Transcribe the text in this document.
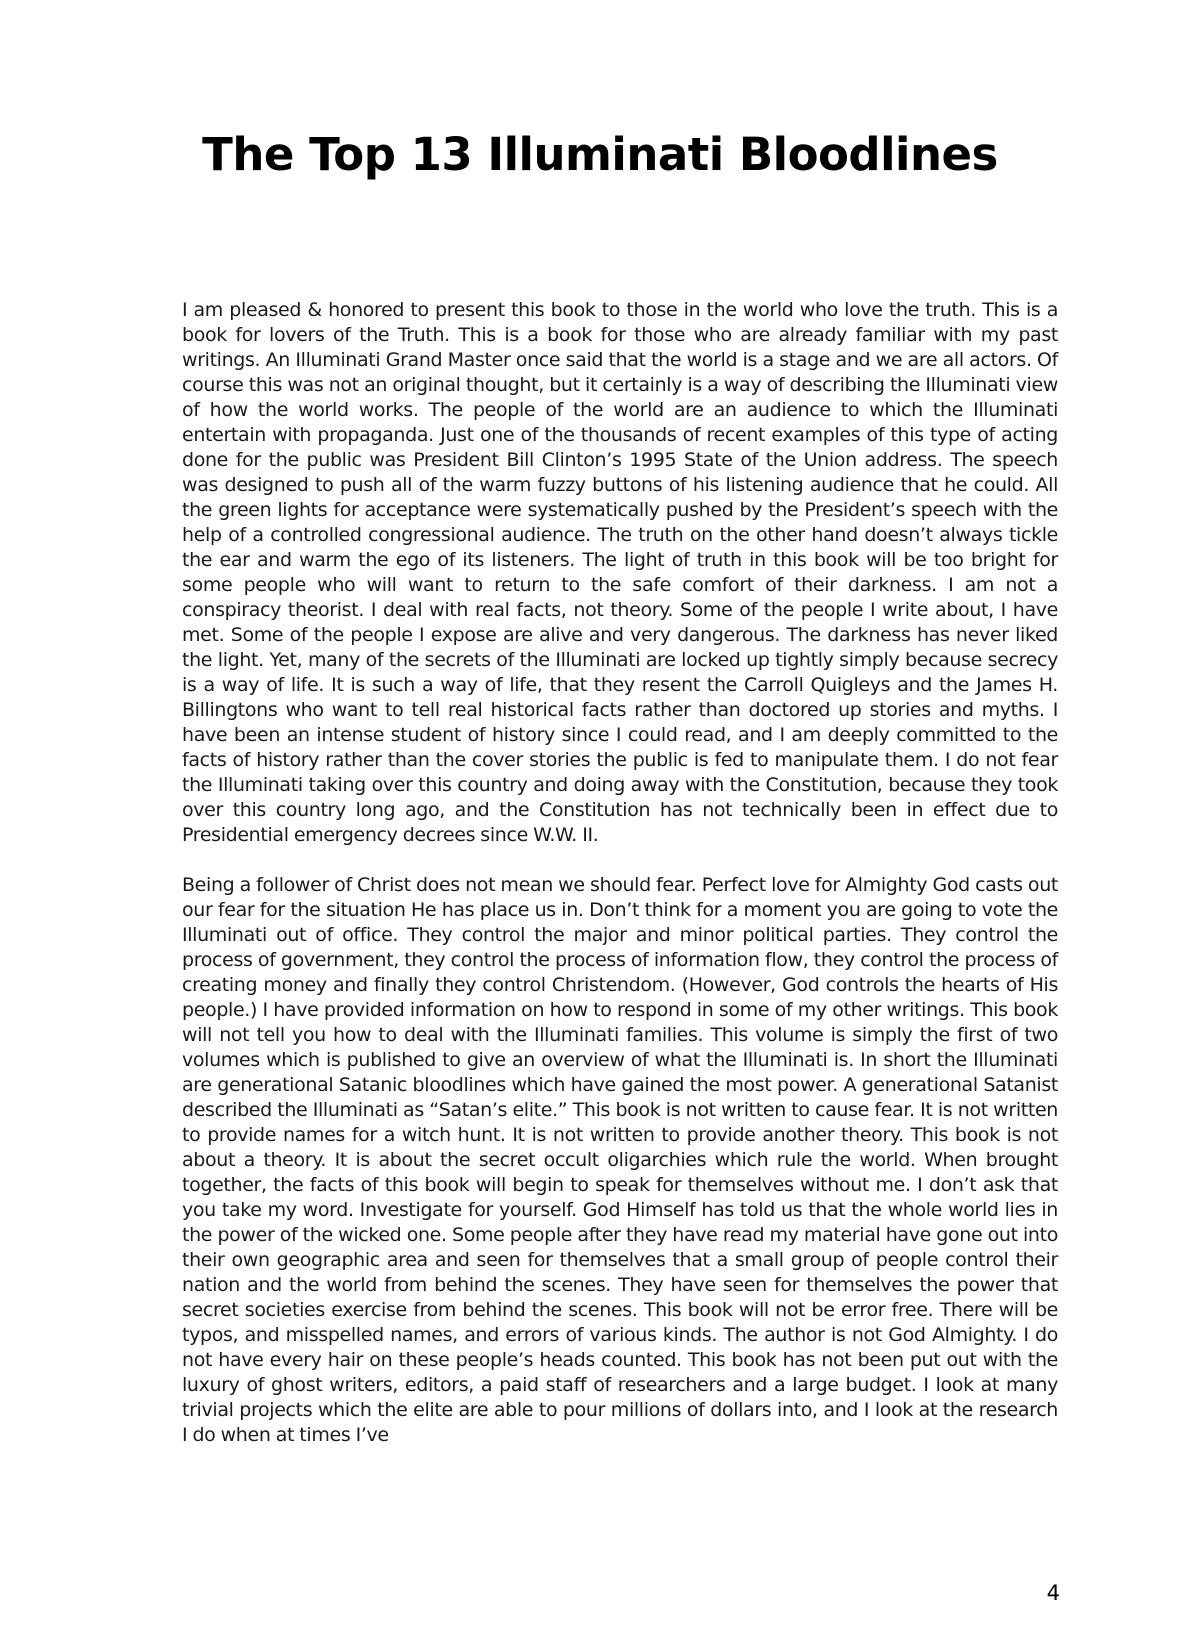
The Top 13 Illuminati Bloodlines

I am pleased & honored to present this book to those in the world who love the truth. This is a book for lovers of the Truth. This is a book for those who are already familiar with my past writings. An Illuminati Grand Master once said that the world is a stage and we are all actors. Of course this was not an original thought, but it certainly is a way of describing the Illuminati view of how the world works. The people of the world are an audience to which the Illuminati entertain with propaganda. Just one of the thousands of recent examples of this type of acting done for the public was President Bill Clinton’s 1995 State of the Union address. The speech was designed to push all of the warm fuzzy buttons of his listening audience that he could. All the green lights for acceptance were systematically pushed by the President’s speech with the help of a controlled congressional audience. The truth on the other hand doesn’t always tickle the ear and warm the ego of its listeners. The light of truth in this book will be too bright for some people who will want to return to the safe comfort of their darkness. I am not a conspiracy theorist. I deal with real facts, not theory. Some of the people I write about, I have met. Some of the people I expose are alive and very dangerous. The darkness has never liked the light. Yet, many of the secrets of the Illuminati are locked up tightly simply because secrecy is a way of life. It is such a way of life, that they resent the Carroll Quigleys and the James H. Billingtons who want to tell real historical facts rather than doctored up stories and myths. I have been an intense student of history since I could read, and I am deeply committed to the facts of history rather than the cover stories the public is fed to manipulate them. I do not fear the Illuminati taking over this country and doing away with the Constitution, because they took over this country long ago, and the Constitution has not technically been in effect due to Presidential emergency decrees since W.W. II.

Being a follower of Christ does not mean we should fear. Perfect love for Almighty God casts out our fear for the situation He has place us in. Don’t think for a moment you are going to vote the Illuminati out of office. They control the major and minor political parties. They control the process of government, they control the process of information flow, they control the process of creating money and finally they control Christendom. (However, God controls the hearts of His people.) I have provided information on how to respond in some of my other writings. This book will not tell you how to deal with the Illuminati families. This volume is simply the first of two volumes which is published to give an overview of what the Illuminati is. In short the Illuminati are generational Satanic bloodlines which have gained the most power. A generational Satanist described the Illuminati as “Satan’s elite.” This book is not written to cause fear. It is not written to provide names for a witch hunt. It is not written to provide another theory. This book is not about a theory. It is about the secret occult oligarchies which rule the world. When brought together, the facts of this book will begin to speak for themselves without me. I don’t ask that you take my word. Investigate for yourself. God Himself has told us that the whole world lies in the power of the wicked one. Some people after they have read my material have gone out into their own geographic area and seen for themselves that a small group of people control their nation and the world from behind the scenes. They have seen for themselves the power that secret societies exercise from behind the scenes. This book will not be error free. There will be typos, and misspelled names, and errors of various kinds. The author is not God Almighty. I do not have every hair on these people’s heads counted. This book has not been put out with the luxury of ghost writers, editors, a paid staff of researchers and a large budget. I look at many trivial projects which the elite are able to pour millions of dollars into, and I look at the research I do when at times I’ve

4
